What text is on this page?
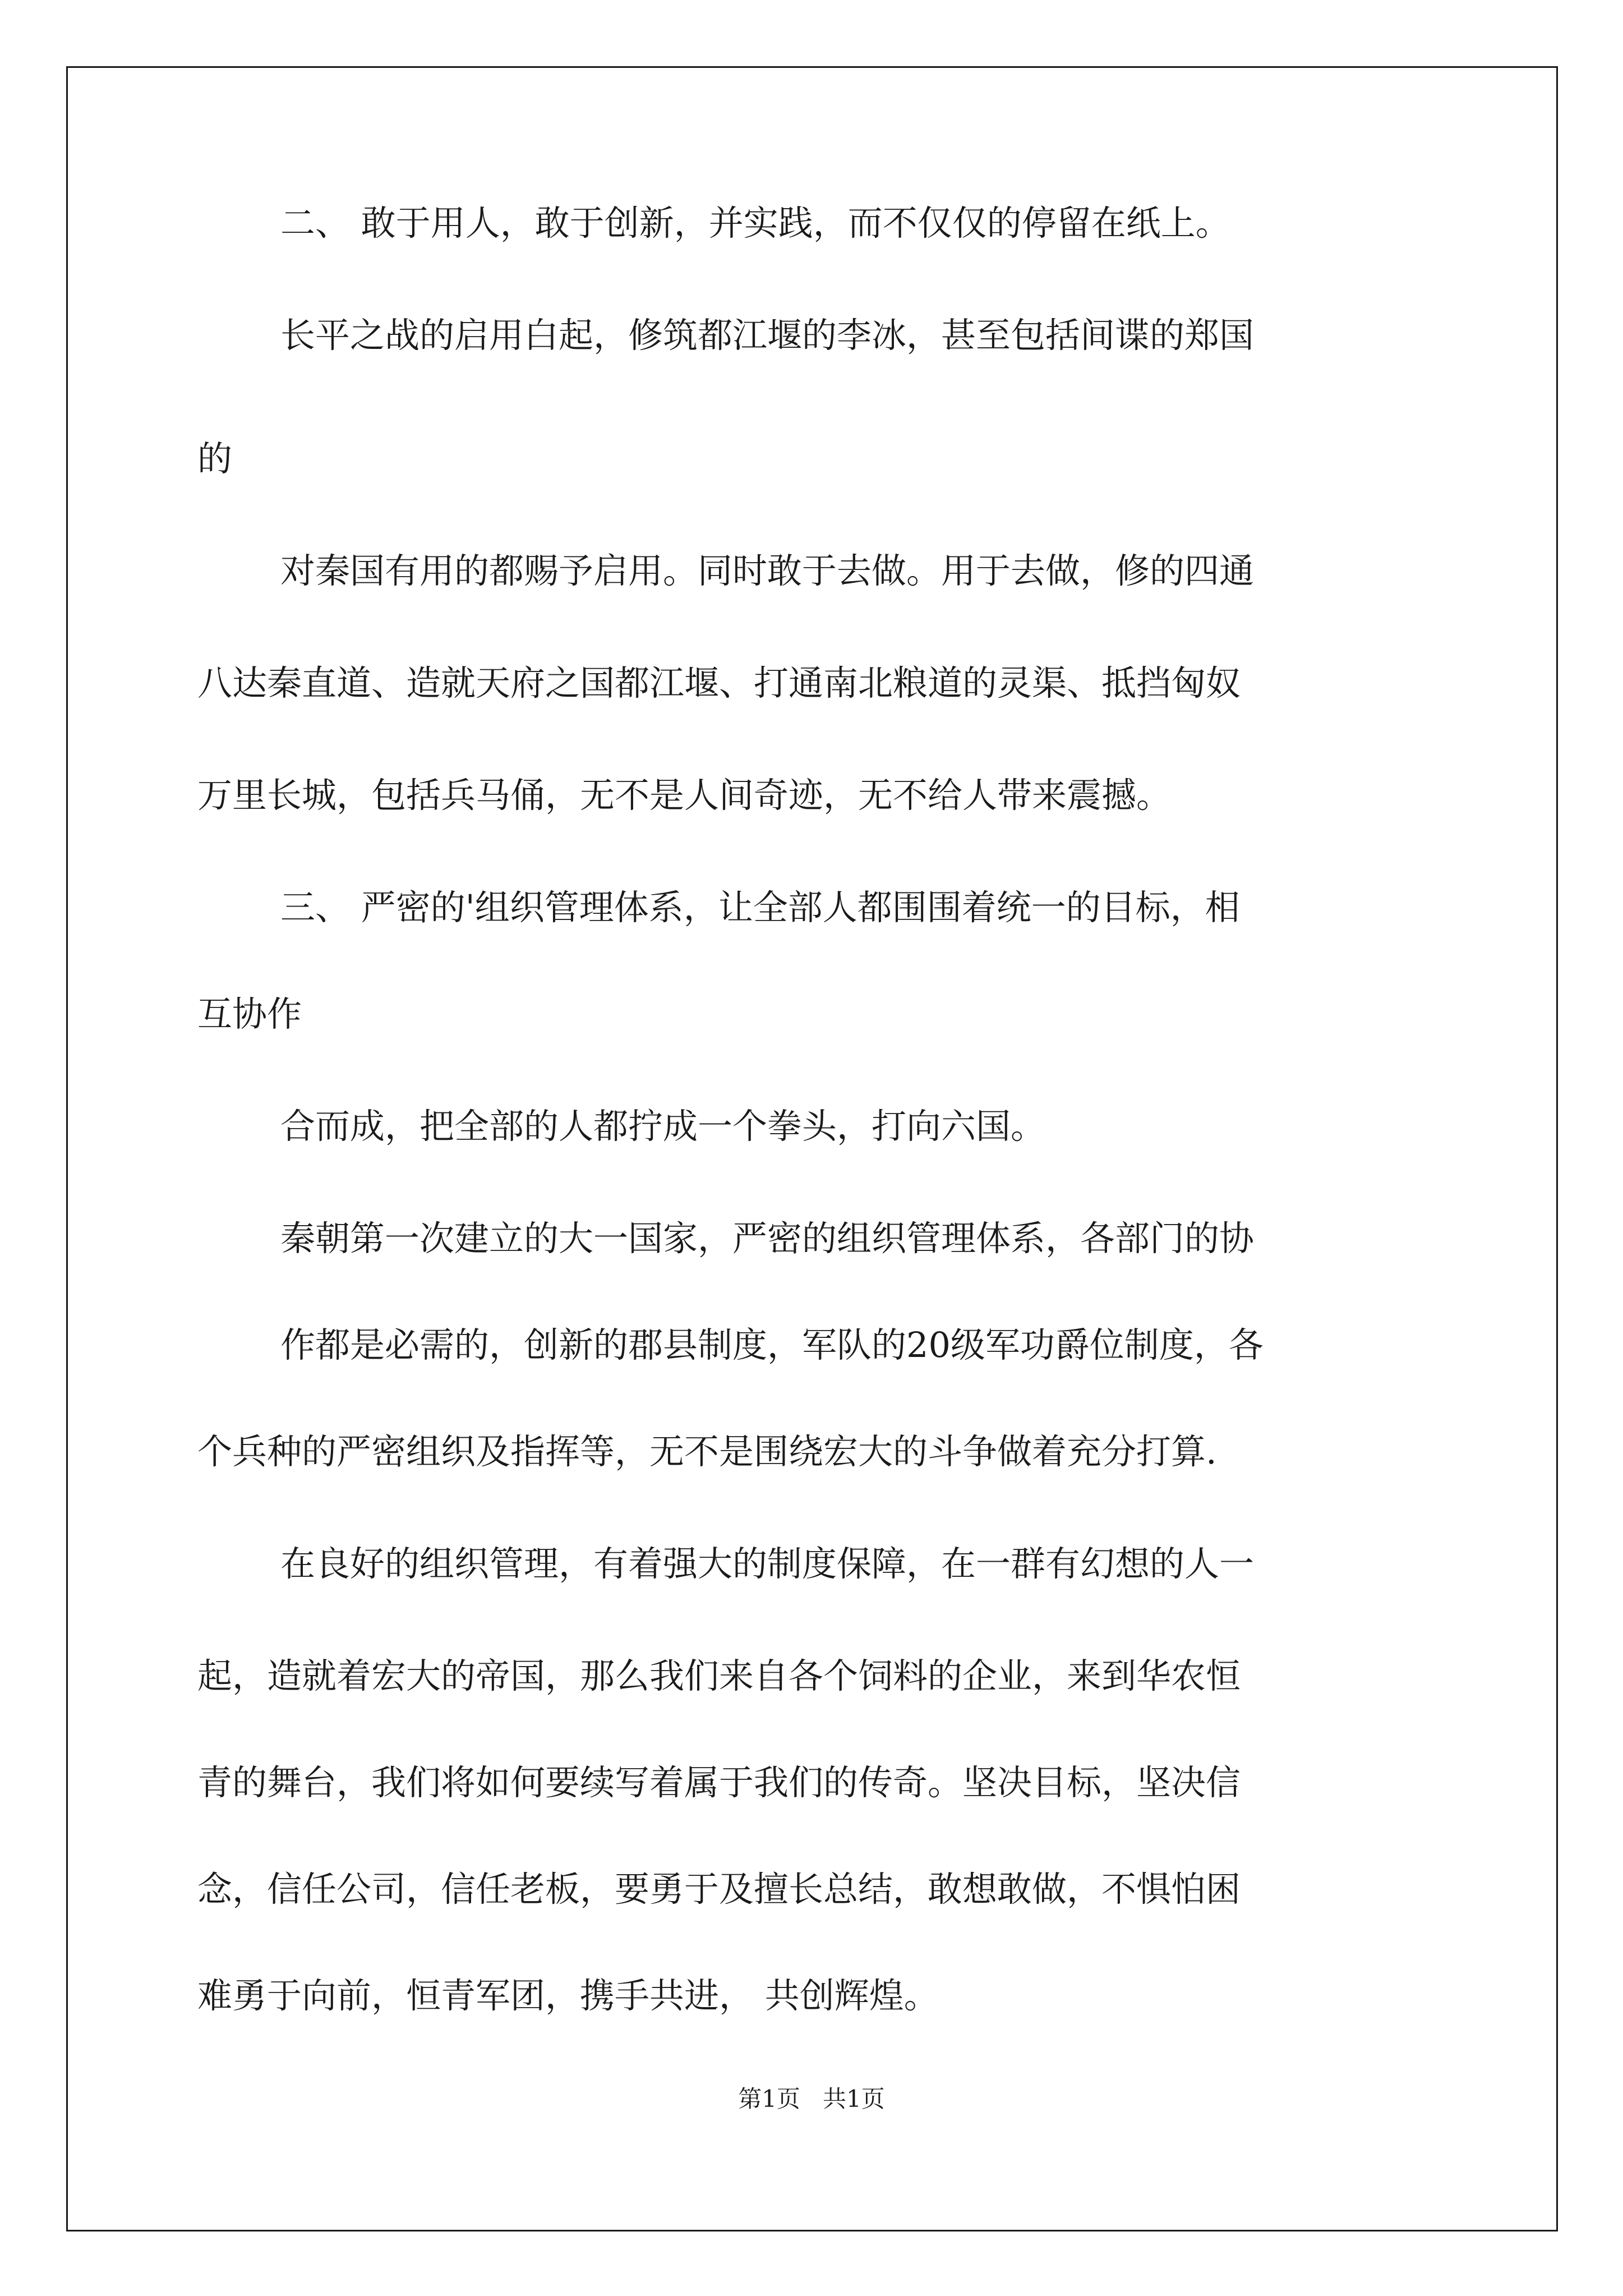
二、 敢于用人，敢于创新，并实践，而不仅仅的停留在纸上。
长平之战的启用白起，修筑都江堰的李冰，甚至包括间谍的郑国
的
对秦国有用的都赐予启用。同时敢于去做。用于去做，修的四通
八达秦直道、造就天府之国都江堰、打通南北粮道的灵渠、抵挡匈奴
万里长城，包括兵马俑，无不是人间奇迹，无不给人带来震撼。
三、 严密的'组织管理体系，让全部人都围围着统一的目标，相
互协作
合而成，把全部的人都拧成一个拳头，打向六国。
秦朝第一次建立的大一国家，严密的组织管理体系，各部门的协
作都是必需的，创新的郡县制度，军队的20级军功爵位制度，各
个兵种的严密组织及指挥等，无不是围绕宏大的斗争做着充分打算.
在良好的组织管理，有着强大的制度保障，在一群有幻想的人一
起，造就着宏大的帝国，那么我们来自各个饲料的企业，来到华农恒
青的舞台，我们将如何要续写着属于我们的传奇。坚决目标，坚决信
念，信任公司，信任老板，要勇于及擅长总结，敢想敢做，不惧怕困
难勇于向前，恒青军团，携手共进， 共创辉煌。
第1页   共1页
